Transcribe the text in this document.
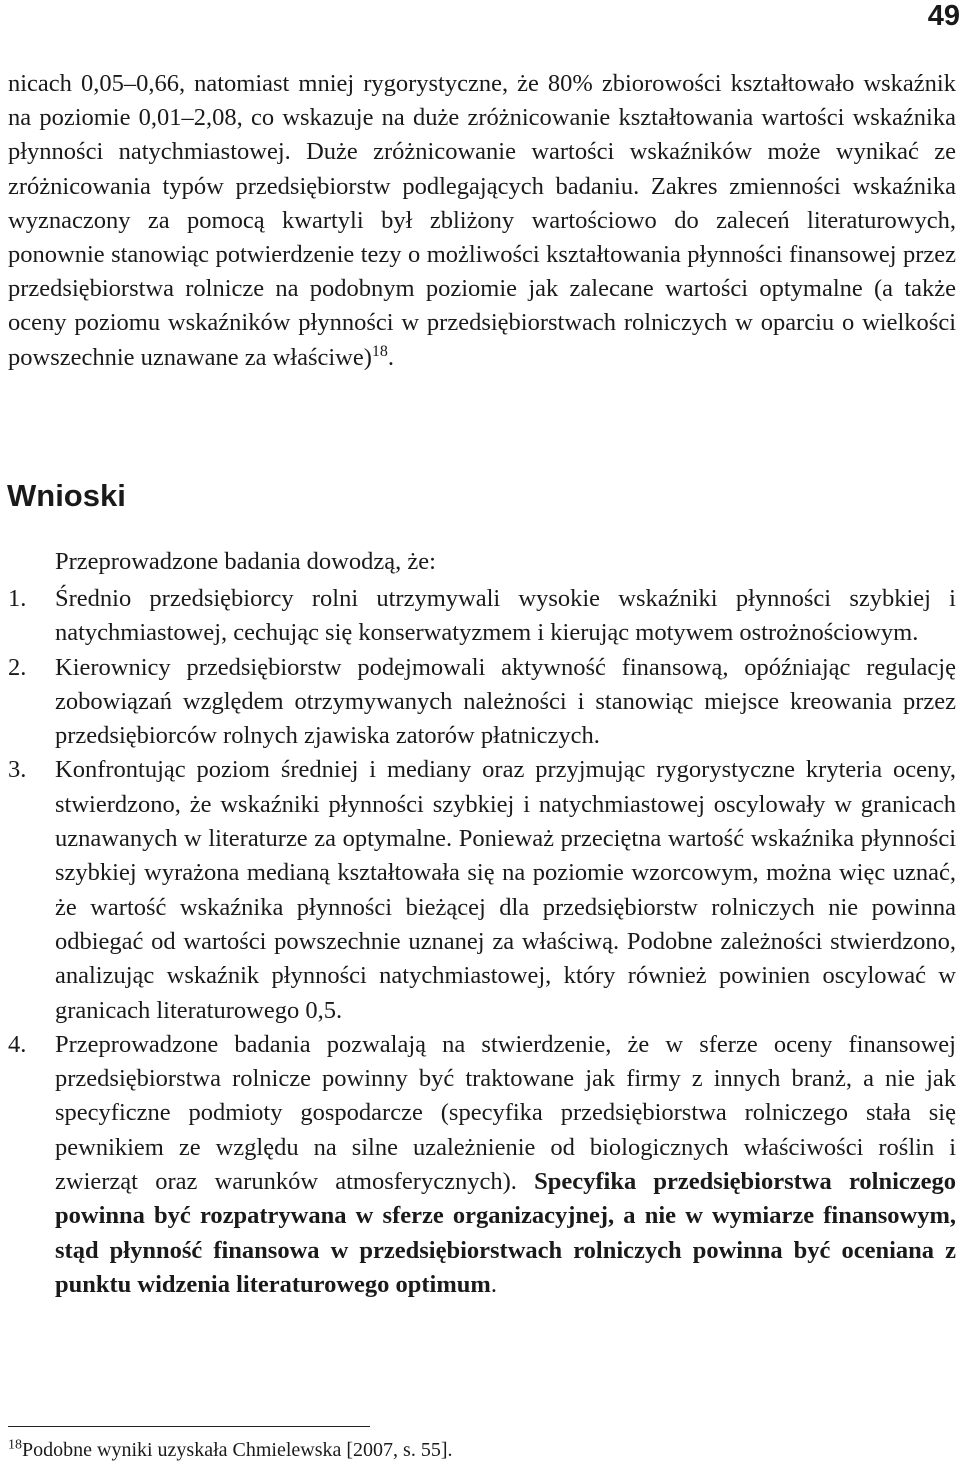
49

nicach 0,05–0,66, natomiast mniej rygorystyczne, że 80% zbiorowości kształtowało wskaźnik na poziomie 0,01–2,08, co wskazuje na duże zróżnicowanie kształtowania wartości wskaźnika płynności natychmiastowej. Duże zróżnicowanie wartości wskaźników może wynikać ze zróżnicowania typów przedsiębiorstw podlegających badaniu. Zakres zmienności wskaźnika wyznaczony za pomocą kwartyli był zbliżony wartościowo do zaleceń literaturowych, ponownie stanowiąc potwierdzenie tezy o możliwości kształtowania płynności finansowej przez przedsiębiorstwa rolnicze na podobnym poziomie jak zalecane wartości optymalne (a także oceny poziomu wskaźników płynności w przedsiębiorstwach rolniczych w oparciu o wielkości powszechnie uznawane za właściwe)$^{18}$.

Wnioski

Przeprowadzone badania dowodzą, że:

1. Średnio przedsiębiorcy rolni utrzymywali wysokie wskaźniki płynności szybkiej i natychmiastowej, cechując się konserwatyzmem i kierując motywem ostrożnościowym.
2. Kierownicy przedsiębiorstw podejmowali aktywność finansową, opóźniając regulację zobowiązań względem otrzymywanych należności i stanowiąc miejsce kreowania przez przedsiębiorców rolnych zjawiska zatorów płatniczych.
3. Konfrontując poziom średniej i mediany oraz przyjmując rygorystyczne kryteria oceny, stwierdzono, że wskaźniki płynności szybkiej i natychmiastowej oscylowały w granicach uznawanych w literaturze za optymalne. Ponieważ przeciętna wartość wskaźnika płynności szybkiej wyrażona medianą kształtowała się na poziomie wzorcowym, można więc uznać, że wartość wskaźnika płynności bieżącej dla przedsiębiorstw rolniczych nie powinna odbiegać od wartości powszechnie uznanej za właściwą. Podobne zależności stwierdzono, analizując wskaźnik płynności natychmiastowej, który również powinien oscylować w granicach literaturowego 0,5.
4. Przeprowadzone badania pozwalają na stwierdzenie, że w sferze oceny finansowej przedsiębiorstwa rolnicze powinny być traktowane jak firmy z innych branż, a nie jak specyficzne podmioty gospodarcze (specyfika przedsiębiorstwa rolniczego stała się pewnikiem ze względu na silne uzależnienie od biologicznych właściwości roślin i zwierząt oraz warunków atmosferycznych). Specyfika przedsiębiorstwa rolniczego powinna być rozpatrywana w sferze organizacyjnej, a nie w wymiarze finansowym, stąd płynność finansowa w przedsiębiorstwach rolniczych powinna być oceniana z punktu widzenia literaturowego optimum.

$^{18}$Podobne wyniki uzyskała Chmielewska [2007, s. 55].
